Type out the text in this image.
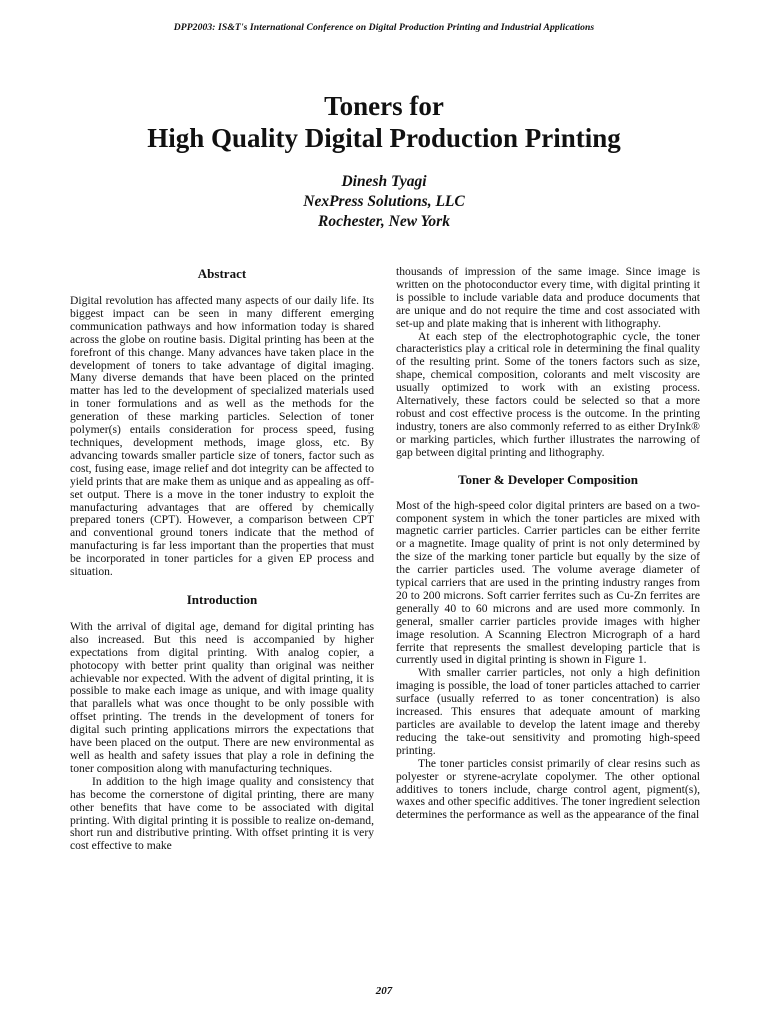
DPP2003: IS&T's International Conference on Digital Production Printing and Industrial Applications
Toners for
High Quality Digital Production Printing
Dinesh Tyagi
NexPress Solutions, LLC
Rochester, New York
Abstract

Digital revolution has affected many aspects of our daily life. Its biggest impact can be seen in many different emerging communication pathways and how information today is shared across the globe on routine basis. Digital printing has been at the forefront of this change. Many advances have taken place in the development of toners to take advantage of digital imaging. Many diverse demands that have been placed on the printed matter has led to the development of specialized materials used in toner formulations and as well as the methods for the generation of these marking particles. Selection of toner polymer(s) entails consideration for process speed, fusing techniques, development methods, image gloss, etc. By advancing towards smaller particle size of toners, factor such as cost, fusing ease, image relief and dot integrity can be affected to yield prints that are make them as unique and as appealing as off-set output. There is a move in the toner industry to exploit the manufacturing advantages that are offered by chemically prepared toners (CPT). However, a comparison between CPT and conventional ground toners indicate that the method of manufacturing is far less important than the properties that must be incorporated in toner particles for a given EP process and situation.

Introduction

With the arrival of digital age, demand for digital printing has also increased. But this need is accompanied by higher expectations from digital printing. With analog copier, a photocopy with better print quality than original was neither achievable nor expected. With the advent of digital printing, it is possible to make each image as unique, and with image quality that parallels what was once thought to be only possible with offset printing. The trends in the development of toners for digital such printing applications mirrors the expectations that have been placed on the output. There are new environmental as well as health and safety issues that play a role in defining the toner composition along with manufacturing techniques.

In addition to the high image quality and consistency that has become the cornerstone of digital printing, there are many other benefits that have come to be associated with digital printing. With digital printing it is possible to realize on-demand, short run and distributive printing. With offset printing it is very cost effective to make

thousands of impression of the same image. Since image is written on the photoconductor every time, with digital printing it is possible to include variable data and produce documents that are unique and do not require the time and cost associated with set-up and plate making that is inherent with lithography.

At each step of the electrophotographic cycle, the toner characteristics play a critical role in determining the final quality of the resulting print. Some of the toners factors such as size, shape, chemical composition, colorants and melt viscosity are usually optimized to work with an existing process. Alternatively, these factors could be selected so that a more robust and cost effective process is the outcome. In the printing industry, toners are also commonly referred to as either DryInk® or marking particles, which further illustrates the narrowing of gap between digital printing and lithography.

Toner & Developer Composition

Most of the high-speed color digital printers are based on a two-component system in which the toner particles are mixed with magnetic carrier particles. Carrier particles can be either ferrite or a magnetite. Image quality of print is not only determined by the size of the marking toner particle but equally by the size of the carrier particles used. The volume average diameter of typical carriers that are used in the printing industry ranges from 20 to 200 microns. Soft carrier ferrites such as Cu-Zn ferrites are generally 40 to 60 microns and are used more commonly. In general, smaller carrier particles provide images with higher image resolution. A Scanning Electron Micrograph of a hard ferrite that represents the smallest developing particle that is currently used in digital printing is shown in Figure 1.

With smaller carrier particles, not only a high definition imaging is possible, the load of toner particles attached to carrier surface (usually referred to as toner concentration) is also increased. This ensures that adequate amount of marking particles are available to develop the latent image and thereby reducing the take-out sensitivity and promoting high-speed printing.

The toner particles consist primarily of clear resins such as polyester or styrene-acrylate copolymer. The other optional additives to toners include, charge control agent, pigment(s), waxes and other specific additives. The toner ingredient selection determines the performance as well as the appearance of the final

207
